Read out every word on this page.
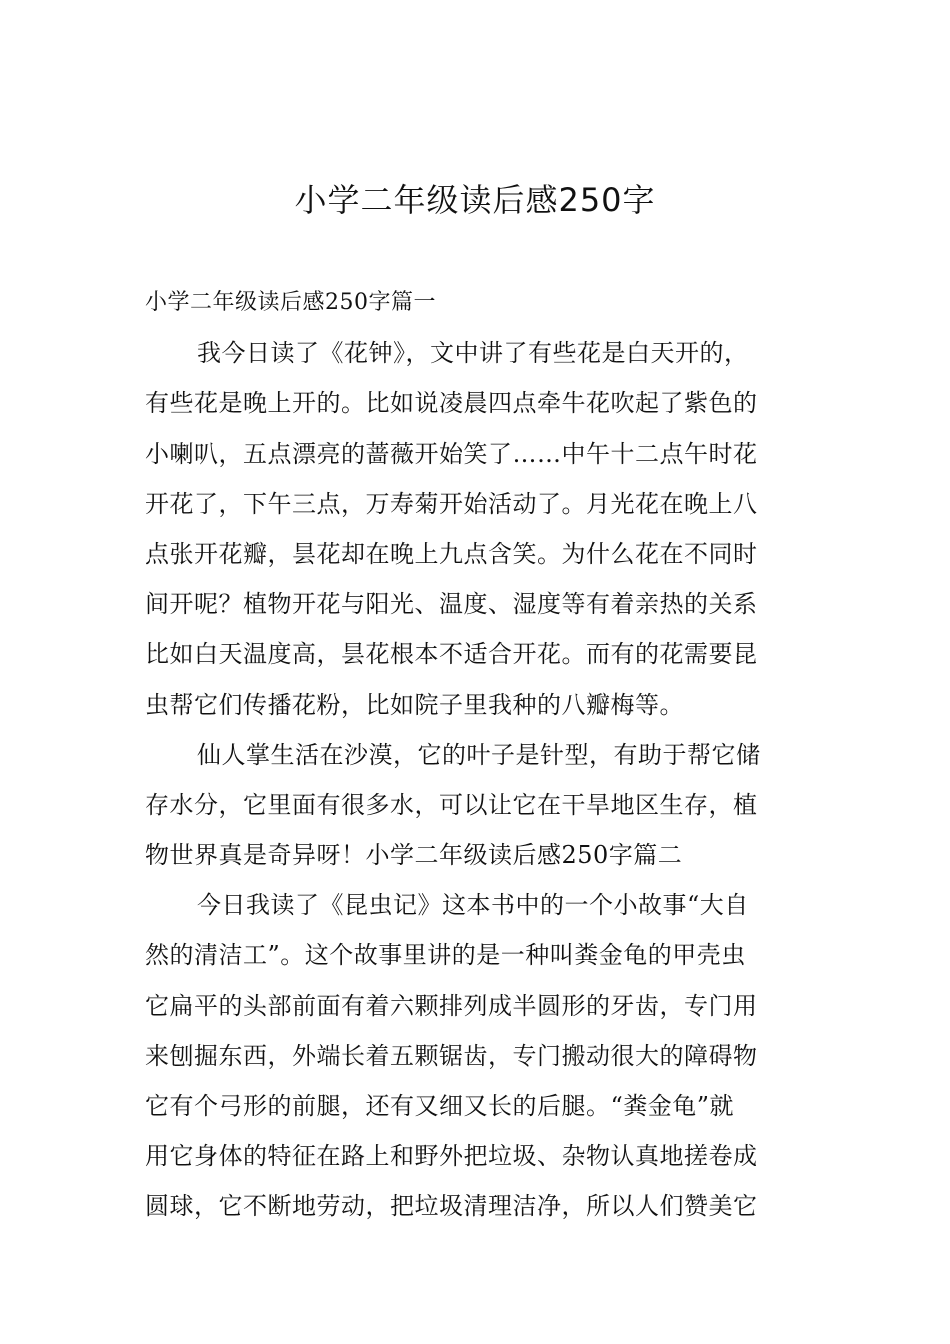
小学二年级读后感250字
小学二年级读后感250字篇一
我今日读了《花钟》，文中讲了有些花是白天开的，
有些花是晚上开的。比如说凌晨四点牵牛花吹起了紫色的
小喇叭，五点漂亮的蔷薇开始笑了……中午十二点午时花
开花了，下午三点，万寿菊开始活动了。月光花在晚上八
点张开花瓣，昙花却在晚上九点含笑。为什么花在不同时
间开呢？植物开花与阳光、温度、湿度等有着亲热的关系
比如白天温度高，昙花根本不适合开花。而有的花需要昆
虫帮它们传播花粉，比如院子里我种的八瓣梅等。
仙人掌生活在沙漠，它的叶子是针型，有助于帮它储
存水分，它里面有很多水，可以让它在干旱地区生存，植
物世界真是奇异呀！小学二年级读后感250字篇二
今日我读了《昆虫记》这本书中的一个小故事“大自
然的清洁工”。这个故事里讲的是一种叫粪金龟的甲壳虫
它扁平的头部前面有着六颗排列成半圆形的牙齿，专门用
来刨掘东西，外端长着五颗锯齿，专门搬动很大的障碍物
它有个弓形的前腿，还有又细又长的后腿。“粪金龟”就
用它身体的特征在路上和野外把垃圾、杂物认真地搓卷成
圆球，它不断地劳动，把垃圾清理洁净，所以人们赞美它
